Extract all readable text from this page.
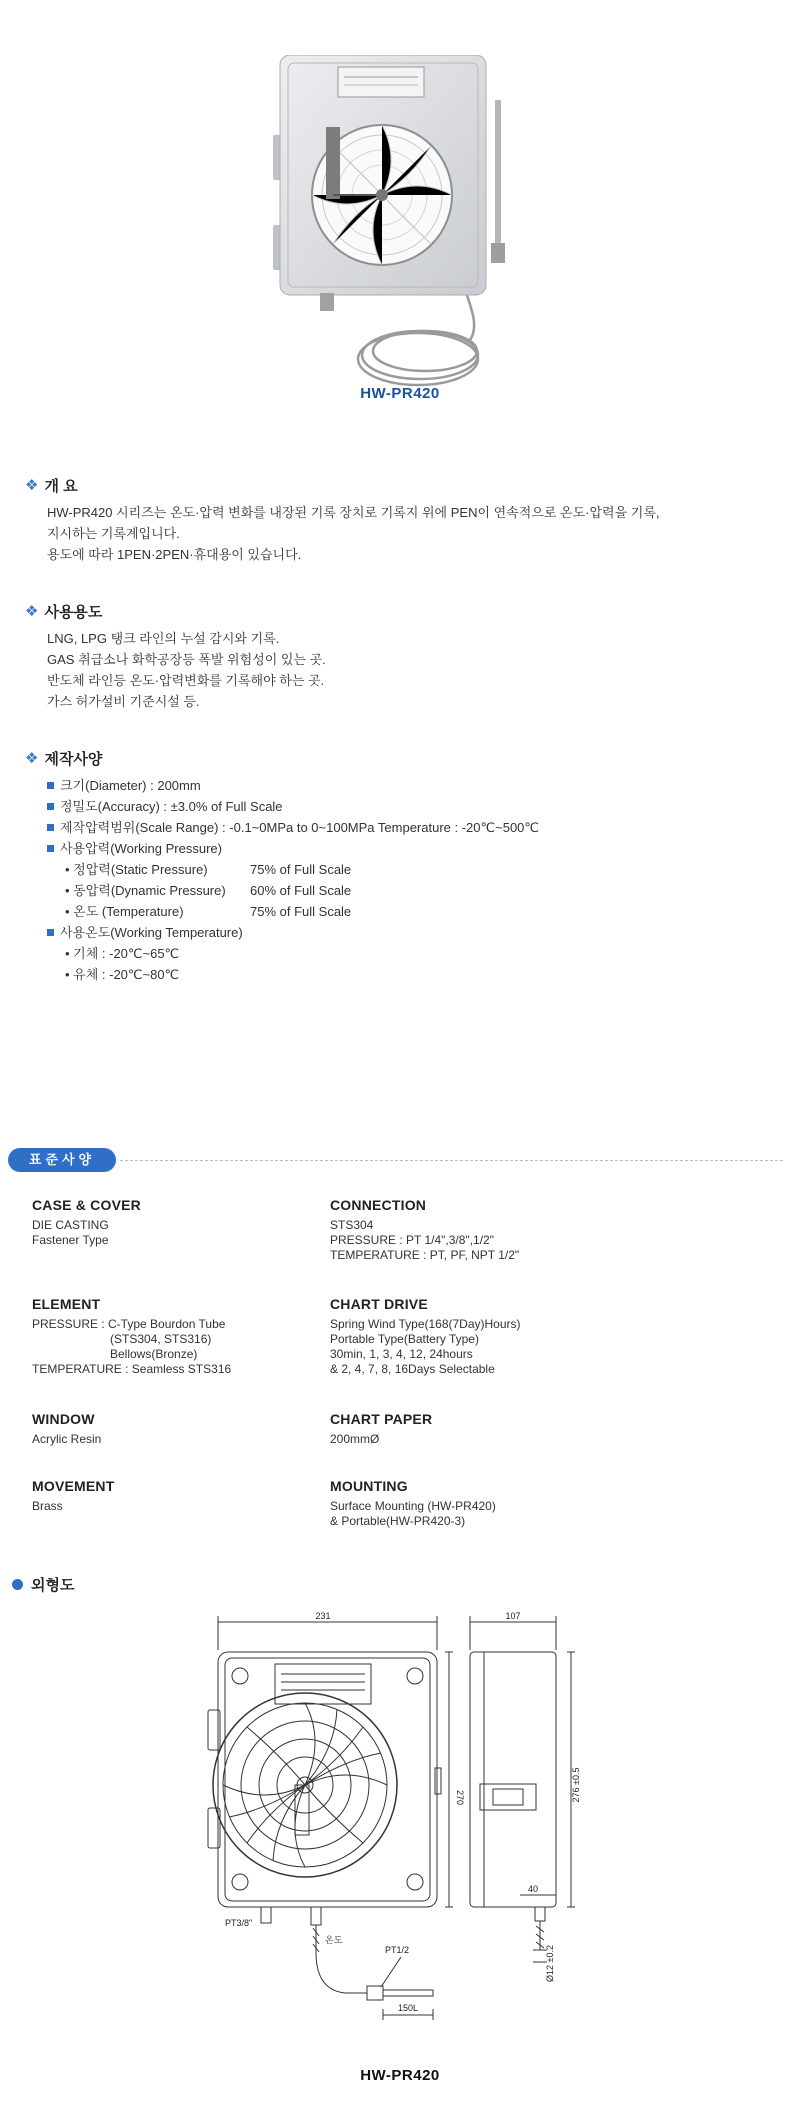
HW-PR420
❖ 개 요
HW-PR420 시리즈는 온도·압력 변화를 내장된 기록 장치로 기록지 위에 PEN이 연속적으로 온도·압력을 기록,
지시하는 기록계입니다.
용도에 따라 1PEN·2PEN·휴대용이 있습니다.
❖ 사용용도
LNG, LPG 탱크 라인의 누설 감시와 기록.
GAS 취급소나 화학공장등 폭발 위험성이 있는 곳.
반도체 라인등 온도·압력변화를 기록해야 하는 곳.
가스 허가설비 기준시설 등.
❖ 제작사양
크기(Diameter) : 200mm
정밀도(Accuracy) : ±3.0% of Full Scale
제작압력범위(Scale Range) : -0.1~0MPa to 0~100MPa Temperature : -20℃~500℃
사용압력(Working Pressure)
• 정압력(Static Pressure)	75% of Full Scale
• 동압력(Dynamic Pressure)	60% of Full Scale
• 온도 (Temperature)	75% of Full Scale
사용온도(Working Temperature)
• 기체 : -20℃~65℃
• 유체 : -20℃~80℃
표준사양
CASE & COVER
DIE CASTING
Fastener Type
CONNECTION
STS304
PRESSURE : PT 1/4",3/8",1/2"
TEMPERATURE : PT, PF, NPT 1/2"
ELEMENT
PRESSURE : C-Type Bourdon Tube
(STS304, STS316)
Bellows(Bronze)
TEMPERATURE : Seamless STS316
CHART DRIVE
Spring Wind Type(168(7Day)Hours)
Portable Type(Battery Type)
30min, 1, 3, 4, 12, 24hours
& 2, 4, 7, 8, 16Days Selectable
WINDOW
Acrylic Resin
CHART PAPER
200mmØ
MOVEMENT
Brass
MOUNTING
Surface Mounting (HW-PR420)
& Portable(HW-PR420-3)
외형도
231	107
270	276 ±0.5
40
PT3/8"
온도
PT1/2	Ø12 ±0.2
150L
HW-PR420
